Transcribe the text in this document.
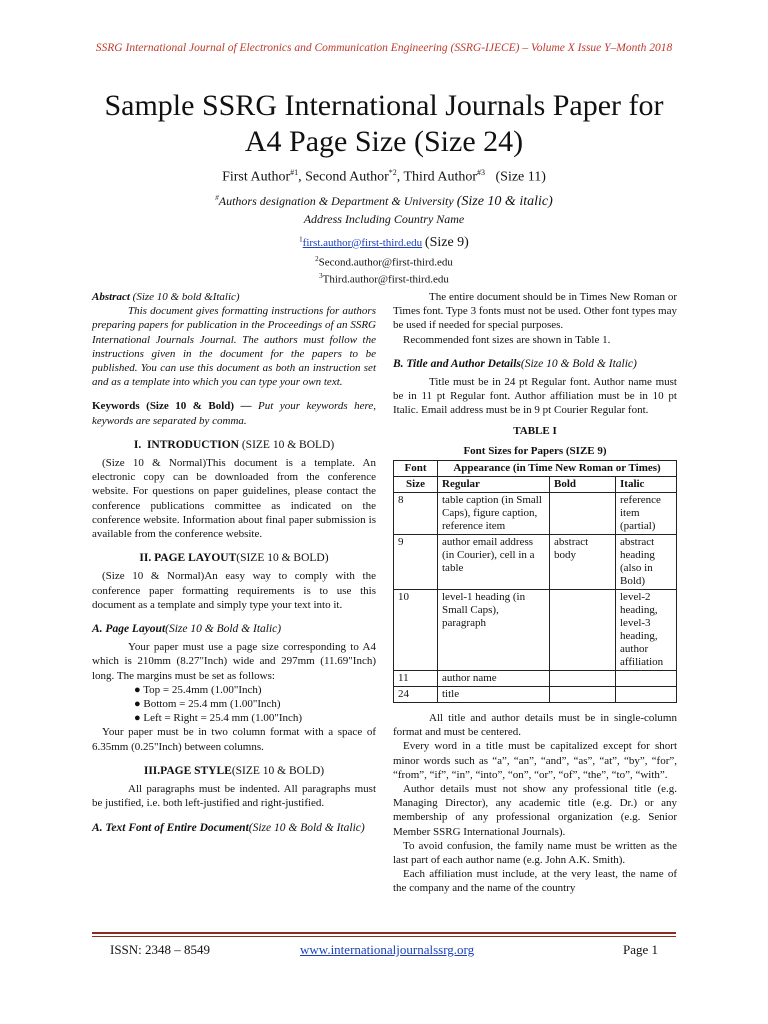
SSRG International Journal of Electronics and Communication Engineering (SSRG-IJECE) – Volume X Issue Y–Month 2018
Sample SSRG International Journals Paper for
A4 Page Size (Size 24)
First Author$^{\#1}$, Second Author$^{*2}$, Third Author$^{\#3}$ (Size 11)
#Authors designation & Department & University (Size 10 & italic)
Address Including Country Name
$^1$first.author@first-third.edu (Size 9)
$^2$Second.author@first-third.edu
$^3$Third.author@first-third.edu

Abstract (Size 10 & bold &Italic)

This document gives formatting instructions for authors preparing papers for publication in the Proceedings of an SSRG International Journals Journal. The authors must follow the instructions given in the document for the papers to be published. You can use this document as both an instruction set and as a template into which you can type your own text.

Keywords (Size 10 & Bold) — Put your keywords here, keywords are separated by comma.

I. INTRODUCTION (SIZE 10 & BOLD)

(Size 10 & Normal)This document is a template. An electronic copy can be downloaded from the conference website. For questions on paper guidelines, please contact the conference publications committee as indicated on the conference website. Information about final paper submission is available from the conference website.

II. PAGE LAYOUT(SIZE 10 & BOLD)

(Size 10 & Normal)An easy way to comply with the conference paper formatting requirements is to use this document as a template and simply type your text into it.

A. Page Layout(Size 10 & Bold & Italic)

Your paper must use a page size corresponding to A4 which is 210mm (8.27"Inch) wide and 297mm (11.69"Inch) long. The margins must be set as follows:

● Top = 25.4mm (1.00"Inch)

● Bottom = 25.4 mm (1.00"Inch)

● Left = Right = 25.4 mm (1.00"Inch)

Your paper must be in two column format with a space of 6.35mm (0.25"Inch) between columns.

III.PAGE STYLE(SIZE 10 & BOLD)

All paragraphs must be indented. All paragraphs must be justified, i.e. both left-justified and right-justified.

A. Text Font of Entire Document(Size 10 & Bold & Italic)

The entire document should be in Times New Roman or Times font. Type 3 fonts must not be used. Other font types may be used if needed for special purposes.

Recommended font sizes are shown in Table 1.

B. Title and Author Details(Size 10 & Bold & Italic)

Title must be in 24 pt Regular font. Author name must be in 11 pt Regular font. Author affiliation must be in 10 pt Italic. Email address must be in 9 pt Courier Regular font.

TABLE I
Font Sizes for Papers (SIZE 9)
Font	Appearance (in Time New Roman or Times)		
Size	Regular	Bold	Italic
8	table caption (in Small Caps), figure caption, reference item		reference item (partial)
9	author email address (in Courier), cell in a table	abstract body	abstract heading (also in Bold)
10	level-1 heading (in Small Caps), paragraph		level-2 heading, level-3 heading, author affiliation
11	author name		
24	title		

All title and author details must be in single-column format and must be centered.

Every word in a title must be capitalized except for short minor words such as “a”, “an”, “and”, “as”, “at”, “by”, “for”, “from”, “if”, “in”, “into”, “on”, “or”, “of”, “the”, “to”, “with”.

Author details must not show any professional title (e.g. Managing Director), any academic title (e.g. Dr.) or any membership of any professional organization (e.g. Senior Member SSRG International Journals).

To avoid confusion, the family name must be written as the last part of each author name (e.g. John A.K. Smith).

Each affiliation must include, at the very least, the name of the company and the name of the country

ISSN: 2348 – 8549	www.internationaljournalssrg.org	Page 1
